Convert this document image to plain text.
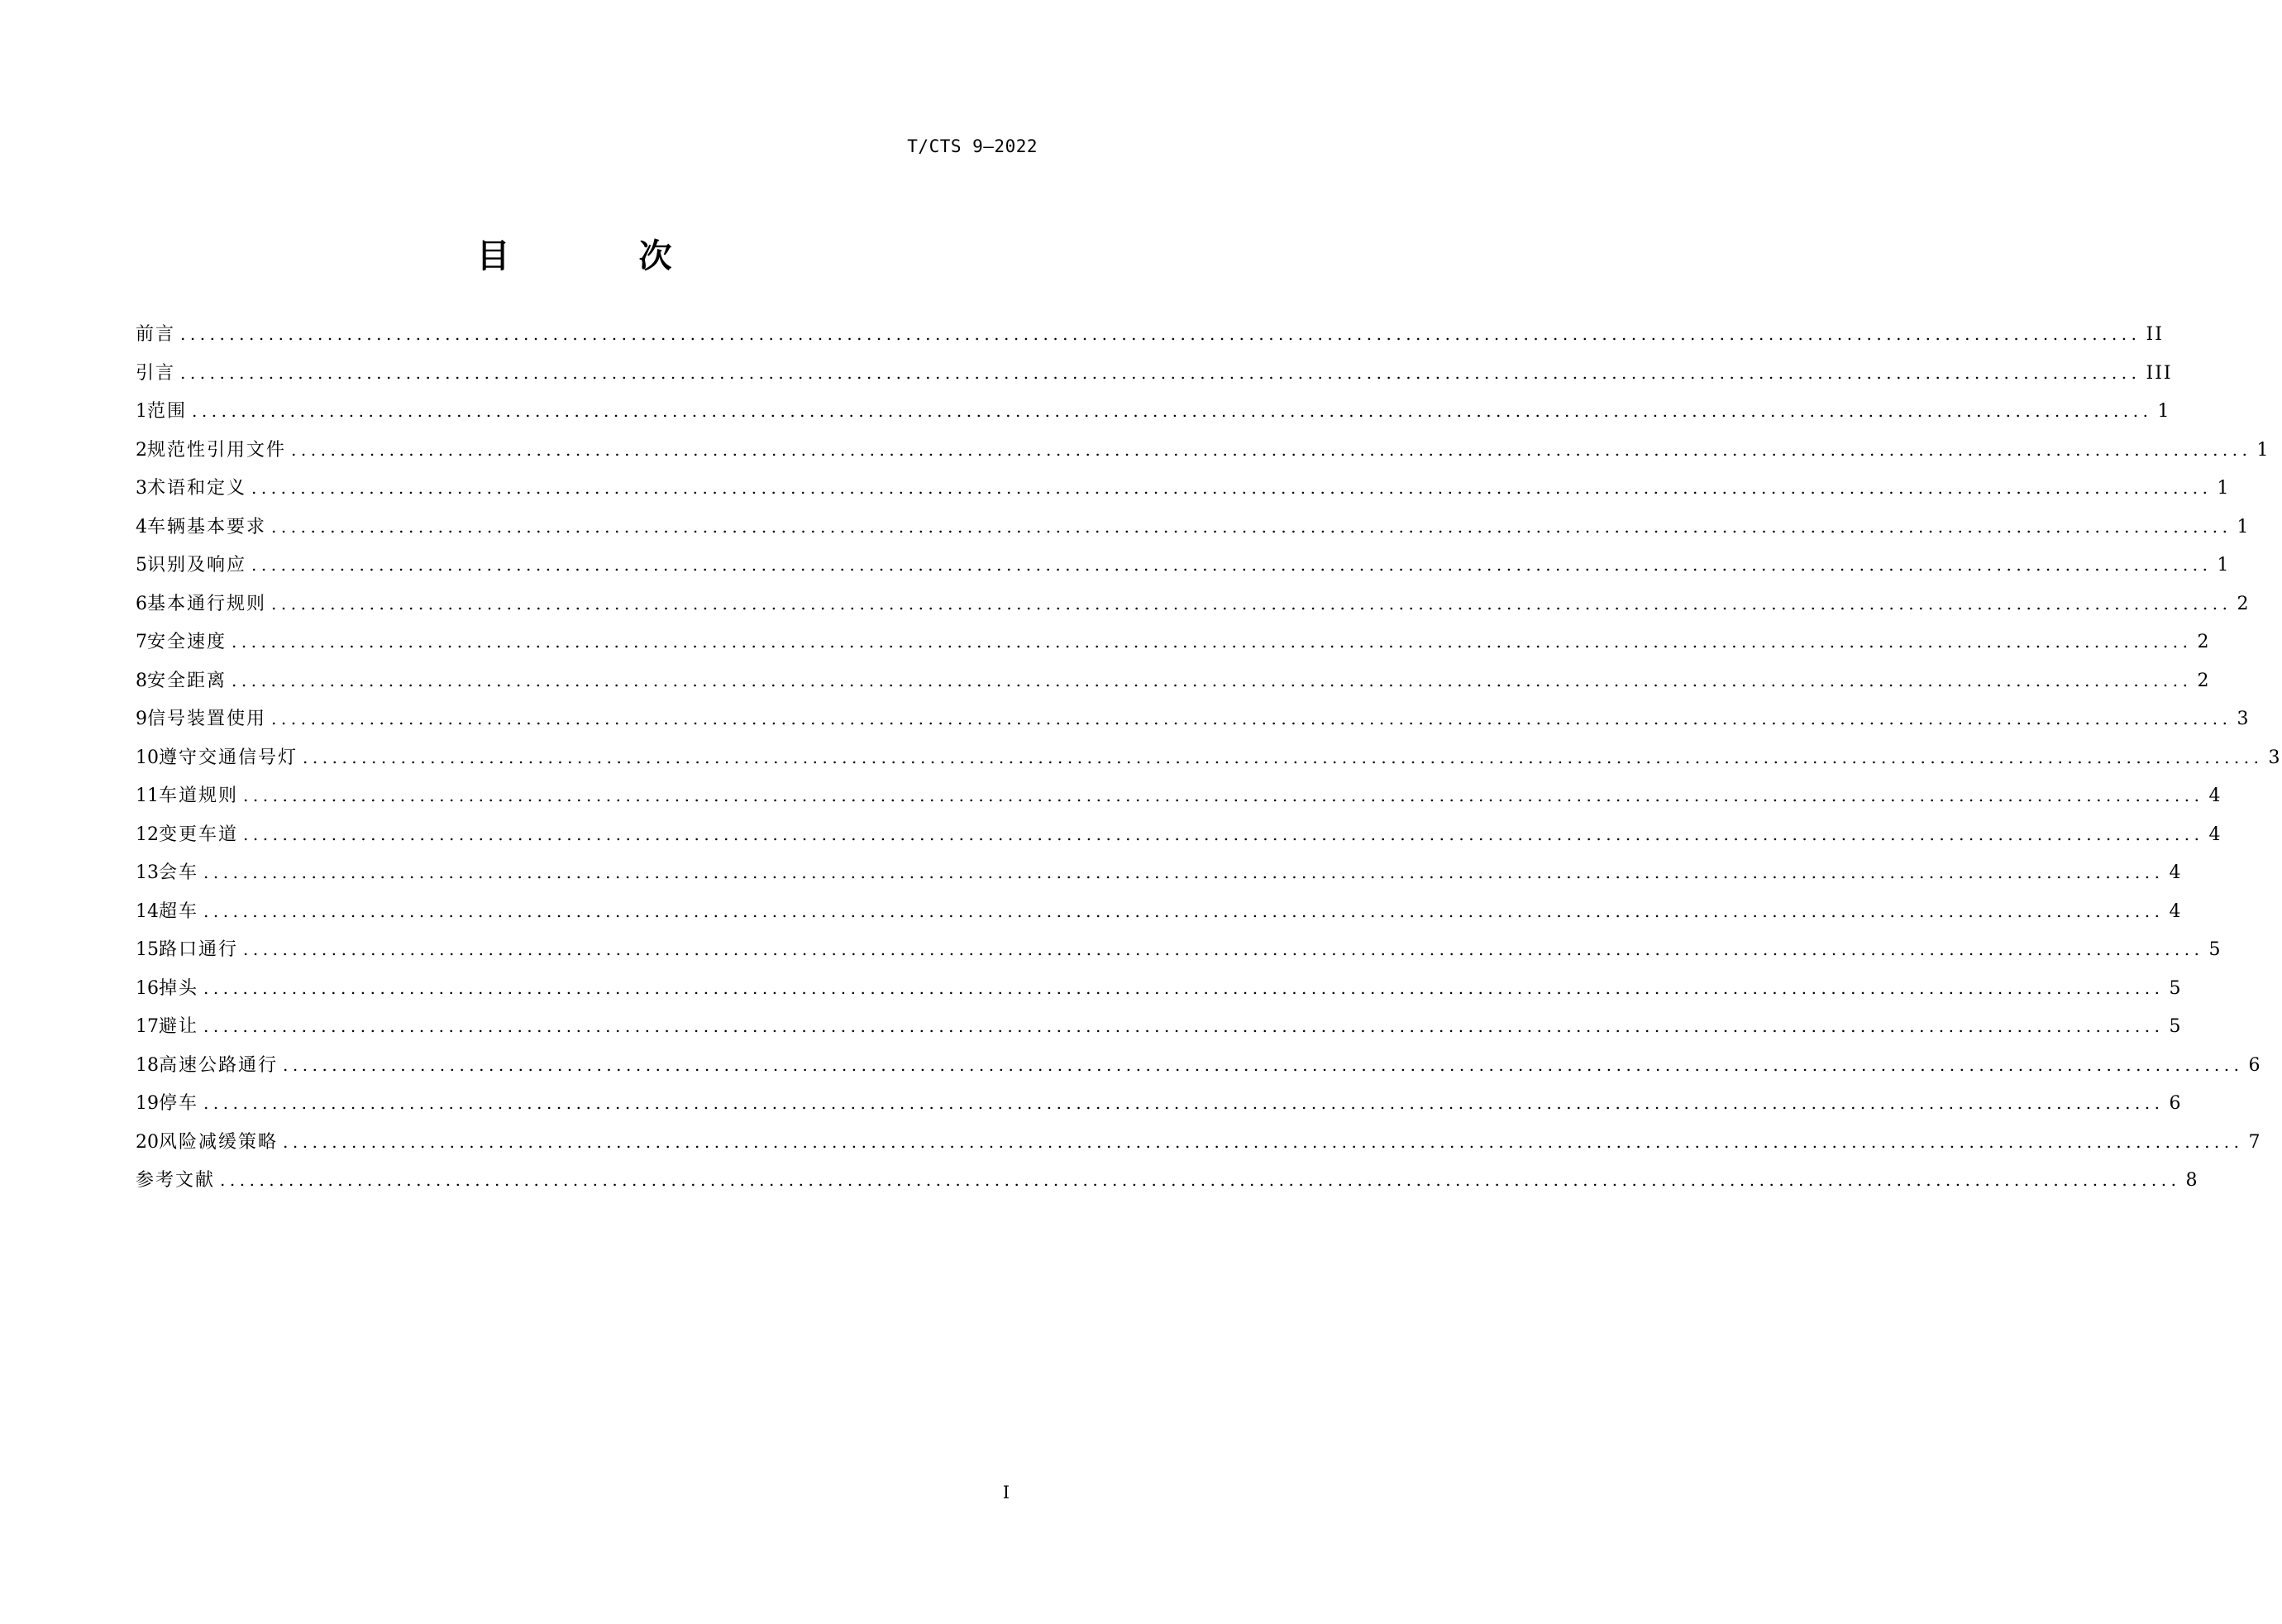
T/CTS 9—2022
目　次
前言 ........................................................................................................................................................................................................ II
引言 ........................................................................................................................................................................................................ III
1 范围 ........................................................................................................................................................................................................ 1
2 规范性引用文件 ........................................................................................................................................................................................................ 1
3 术语和定义 ........................................................................................................................................................................................................ 1
4 车辆基本要求 ........................................................................................................................................................................................................ 1
5 识别及响应 ........................................................................................................................................................................................................ 1
6 基本通行规则 ........................................................................................................................................................................................................ 2
7 安全速度 ........................................................................................................................................................................................................ 2
8 安全距离 ........................................................................................................................................................................................................ 2
9 信号装置使用 ........................................................................................................................................................................................................ 3
10 遵守交通信号灯 ........................................................................................................................................................................................................ 3
11 车道规则 ........................................................................................................................................................................................................ 4
12 变更车道 ........................................................................................................................................................................................................ 4
13 会车 ........................................................................................................................................................................................................ 4
14 超车 ........................................................................................................................................................................................................ 4
15 路口通行 ........................................................................................................................................................................................................ 5
16 掉头 ........................................................................................................................................................................................................ 5
17 避让 ........................................................................................................................................................................................................ 5
18 高速公路通行 ........................................................................................................................................................................................................ 6
19 停车 ........................................................................................................................................................................................................ 6
20 风险减缓策略 ........................................................................................................................................................................................................ 7
参考文献 ........................................................................................................................................................................................................ 8
I
